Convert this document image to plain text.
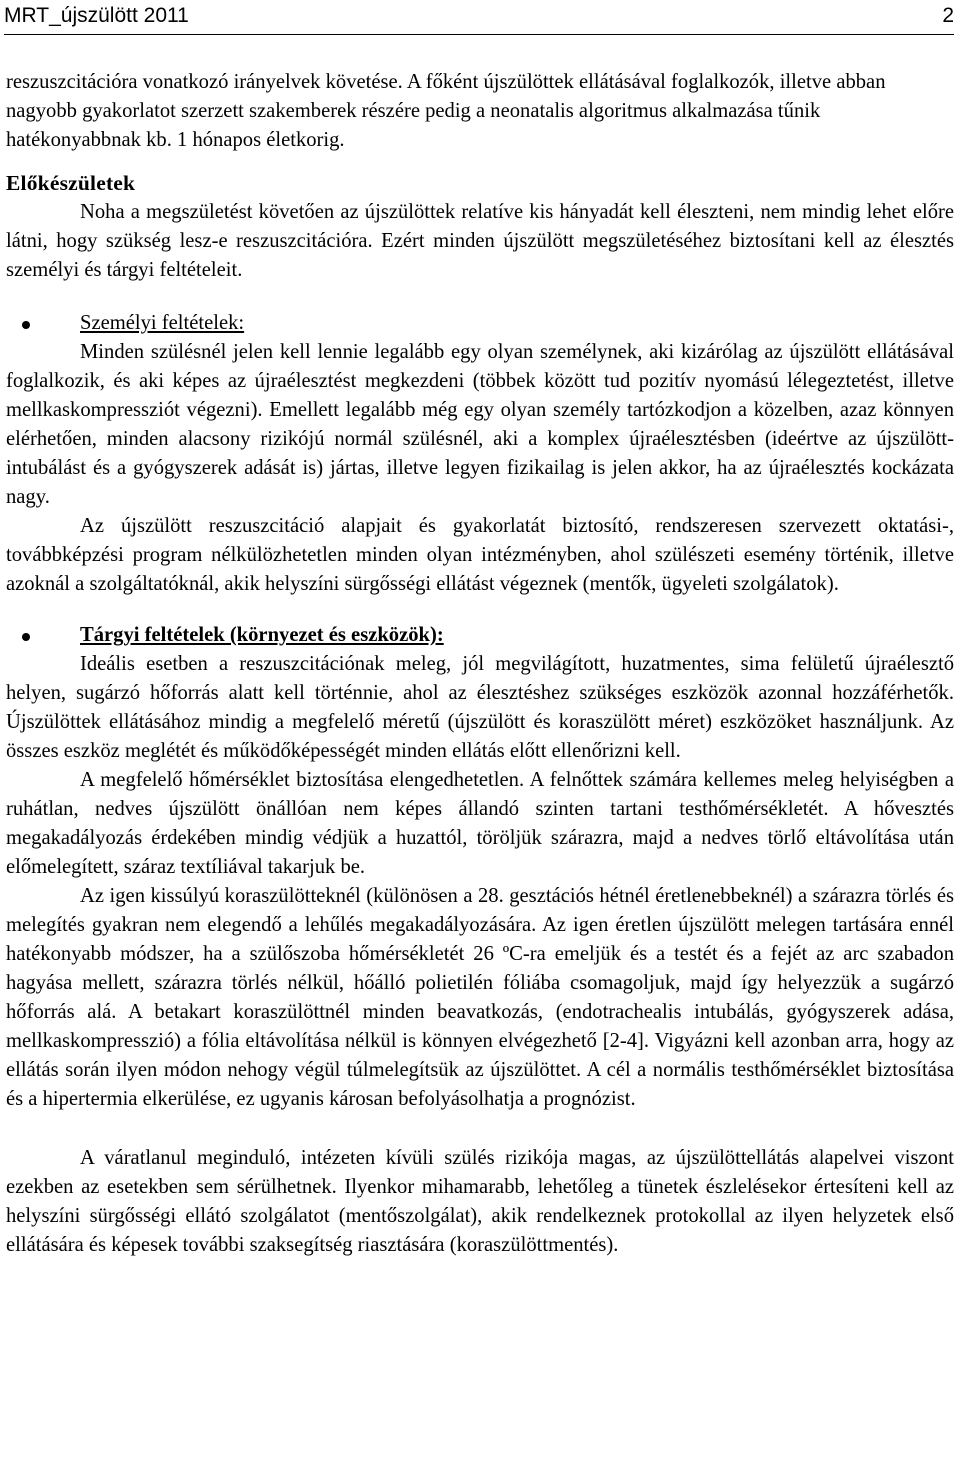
MRT_újszülött 2011	2

reszuszcitációra vonatkozó irányelvek követése. A főként újszülöttek ellátásával foglalkozók, illetve abban nagyobb gyakorlatot szerzett szakemberek részére pedig a neonatalis algoritmus alkalmazása tűnik hatékonyabbnak kb. 1 hónapos életkorig.

Előkészületek

Noha a megszületést követően az újszülöttek relatíve kis hányadát kell éleszteni, nem mindig lehet előre látni, hogy szükség lesz-e reszuszcitációra. Ezért minden újszülött megszületéséhez biztosítani kell az élesztés személyi és tárgyi feltételeit.

Személyi feltételek:

Minden szülésnél jelen kell lennie legalább egy olyan személynek, aki kizárólag az újszülött ellátásával foglalkozik, és aki képes az újraélesztést megkezdeni (többek között tud pozitív nyomású lélegeztetést, illetve mellkaskompressziót végezni). Emellett legalább még egy olyan személy tartózkodjon a közelben, azaz könnyen elérhetően, minden alacsony rizikójú normál szülésnél, aki a komplex újraélesztésben (ideértve az újszülött-intubálást és a gyógyszerek adását is) jártas, illetve legyen fizikailag is jelen akkor, ha az újraélesztés kockázata nagy.

Az újszülött reszuszcitáció alapjait és gyakorlatát biztosító, rendszeresen szervezett oktatási-, továbbképzési program nélkülözhetetlen minden olyan intézményben, ahol szülészeti esemény történik, illetve azoknál a szolgáltatóknál, akik helyszíni sürgősségi ellátást végeznek (mentők, ügyeleti szolgálatok).

Tárgyi feltételek (környezet és eszközök):

Ideális esetben a reszuszcitációnak meleg, jól megvilágított, huzatmentes, sima felületű újraélesztő helyen, sugárzó hőforrás alatt kell történnie, ahol az élesztéshez szükséges eszközök azonnal hozzáférhetők. Újszülöttek ellátásához mindig a megfelelő méretű (újszülött és koraszülött méret) eszközöket használjunk. Az összes eszköz meglétét és működőképességét minden ellátás előtt ellenőrizni kell.

A megfelelő hőmérséklet biztosítása elengedhetetlen. A felnőttek számára kellemes meleg helyiségben a ruhátlan, nedves újszülött önállóan nem képes állandó szinten tartani testhőmérsékletét. A hővesztés megakadályozás érdekében mindig védjük a huzattól, töröljük szárazra, majd a nedves törlő eltávolítása után előmelegített, száraz textíliával takarjuk be.

Az igen kissúlyú koraszülötteknél (különösen a 28. gesztációs hétnél éretlenebbeknél) a szárazra törlés és melegítés gyakran nem elegendő a lehűlés megakadályozására. Az igen éretlen újszülött melegen tartására ennél hatékonyabb módszer, ha a szülőszoba hőmérsékletét 26 ºC-ra emeljük és a testét és a fejét az arc szabadon hagyása mellett, szárazra törlés nélkül, hőálló polietilén fóliába csomagoljuk, majd így helyezzük a sugárzó hőforrás alá. A betakart koraszülöttnél minden beavatkozás, (endotrachealis intubálás, gyógyszerek adása, mellkaskompresszió) a fólia eltávolítása nélkül is könnyen elvégezhető [2-4]. Vigyázni kell azonban arra, hogy az ellátás során ilyen módon nehogy végül túlmelegítsük az újszülöttet. A cél a normális testhőmérséklet biztosítása és a hipertermia elkerülése, ez ugyanis károsan befolyásolhatja a prognózist.

A váratlanul meginduló, intézeten kívüli szülés rizikója magas, az újszülöttellátás alapelvei viszont ezekben az esetekben sem sérülhetnek. Ilyenkor mihamarabb, lehetőleg a tünetek észlelésekor értesíteni kell az helyszíni sürgősségi ellátó szolgálatot (mentőszolgálat), akik rendelkeznek protokollal az ilyen helyzetek első ellátására és képesek további szaksegítség riasztására (koraszülöttmentés).
